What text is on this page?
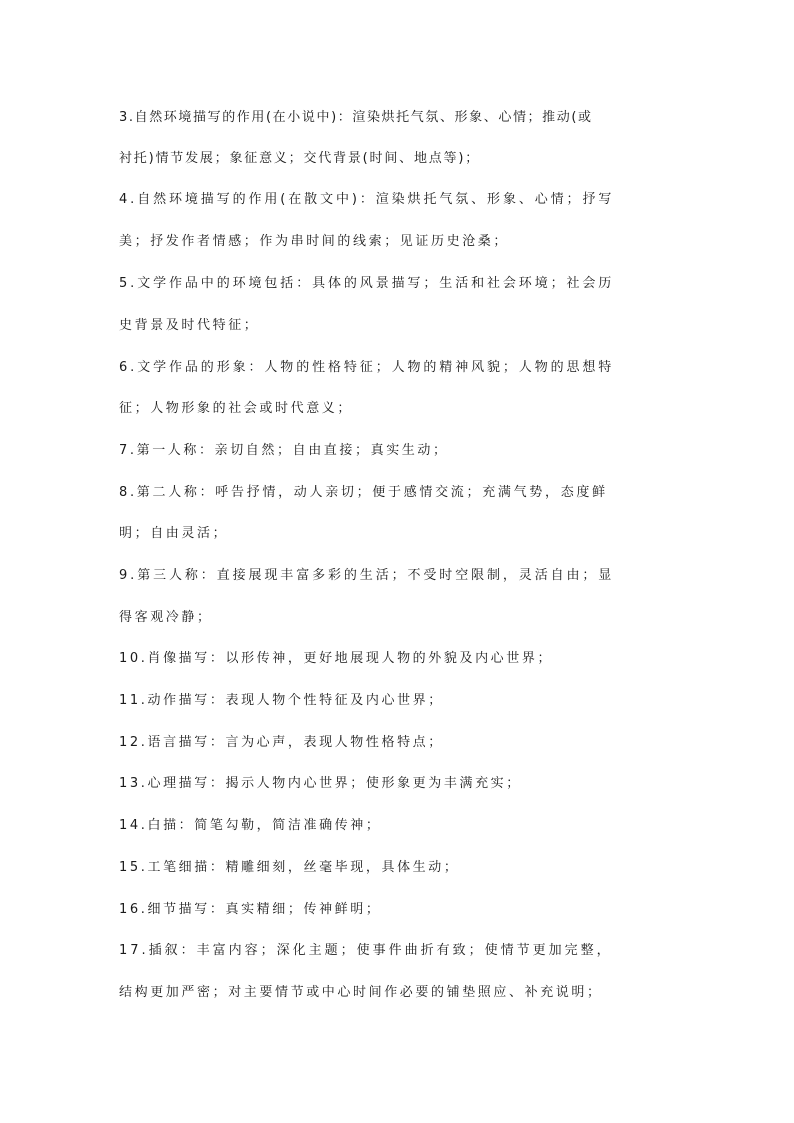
3.自然环境描写的作用(在小说中)：渲染烘托气氛、形象、心情；推动(或
衬托)情节发展；象征意义；交代背景(时间、地点等)；
4.自然环境描写的作用(在散文中)：渲染烘托气氛、形象、心情；抒写
美；抒发作者情感；作为串时间的线索；见证历史沧桑；
5.文学作品中的环境包括：具体的风景描写；生活和社会环境；社会历
史背景及时代特征；
6.文学作品的形象：人物的性格特征；人物的精神风貌；人物的思想特
征；人物形象的社会或时代意义；
7.第一人称：亲切自然；自由直接；真实生动；
8.第二人称：呼告抒情，动人亲切；便于感情交流；充满气势，态度鲜
明；自由灵活；
9.第三人称：直接展现丰富多彩的生活；不受时空限制，灵活自由；显
得客观冷静；
10.肖像描写：以形传神，更好地展现人物的外貌及内心世界；
11.动作描写：表现人物个性特征及内心世界；
12.语言描写：言为心声，表现人物性格特点；
13.心理描写：揭示人物内心世界；使形象更为丰满充实；
14.白描：简笔勾勒，简洁准确传神；
15.工笔细描：精雕细刻，丝毫毕现，具体生动；
16.细节描写：真实精细；传神鲜明；
17.插叙：丰富内容；深化主题；使事件曲折有致；使情节更加完整，
结构更加严密；对主要情节或中心时间作必要的铺垫照应、补充说明；
